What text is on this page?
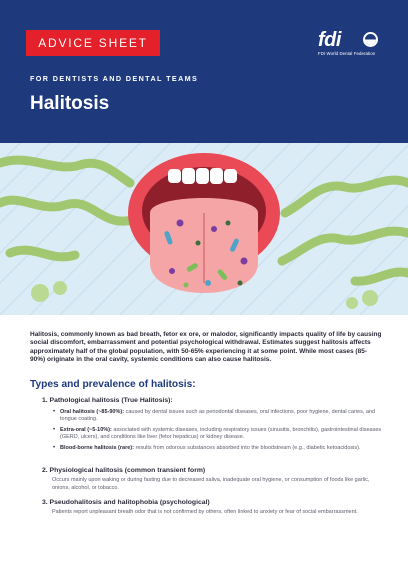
ADVICE SHEET	fdi
FDI World Dental Federation
FOR DENTISTS AND DENTAL TEAMS
Halitosis

Halitosis, commonly known as bad breath, fetor ex ore, or malodor, significantly impacts quality of life by causing social discomfort, embarrassment and potential psychological withdrawal. Estimates suggest halitosis affects approximately half of the global population, with 50-65% experiencing it at some point. While most cases (85-90%) originate in the oral cavity, systemic conditions can also cause halitosis.

Types and prevalence of halitosis:
1. Pathological halitosis (True Halitosis):
• Oral halitosis (~85-90%): caused by dental issues such as periodontal diseases, oral infections, poor hygiene, dental caries, and tongue coating.
• Extra-oral (~5-10%): associated with systemic diseases, including respiratory issues (sinusitis, bronchitis), gastrointestinal diseases (GERD, ulcers), and conditions like liver (fetor hepaticus) or kidney disease.
• Blood-borne halitosis (rare): results from odorous substances absorbed into the bloodstream (e.g., diabetic ketoacidosis).
2. Physiological halitosis (common transient form)
Occurs mainly upon waking or during fasting due to decreased saliva, inadequate oral hygiene, or consumption of foods like garlic, onions, alcohol, or tobacco.
3. Pseudohalitosis and halitophobia (psychological)
Patients report unpleasant breath odor that is not confirmed by others, often linked to anxiety or fear of social embarrassment.
